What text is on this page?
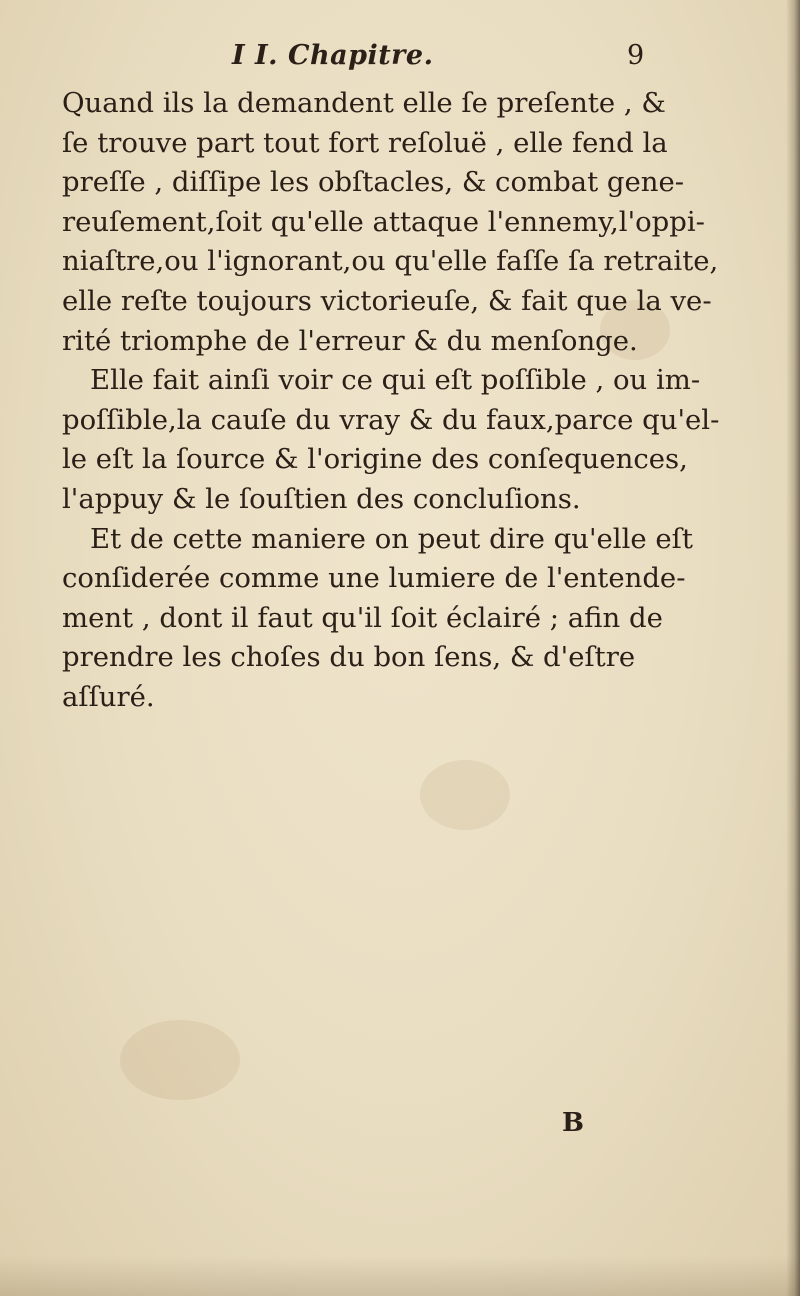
I I. Chapitre.	9
Quand ils la demandent elle ſe preſente , &
ſe trouve part tout fort reſoluë , elle fend la
preſſe , diſſipe les obſtacles, & combat gene-
reuſement,ſoit qu'elle attaque l'ennemy,l'oppi-
niaſtre,ou l'ignorant,ou qu'elle faſſe ſa retraite,
elle reſte toujours victorieuſe, & fait que la ve-
rité triomphe de l'erreur & du menſonge.
Elle fait ainſi voir ce qui eſt poſſible , ou im-
poſſible,la cauſe du vray & du faux,parce qu'el-
le eſt la ſource & l'origine des conſequences,
l'appuy & le ſouſtien des concluſions.
Et de cette maniere on peut dire qu'elle eſt
conſiderée comme une lumiere de l'entende-
ment , dont il faut qu'il ſoit éclairé ; afin de
prendre les choſes du bon ſens, & d'eſtre
aſſuré.
B
